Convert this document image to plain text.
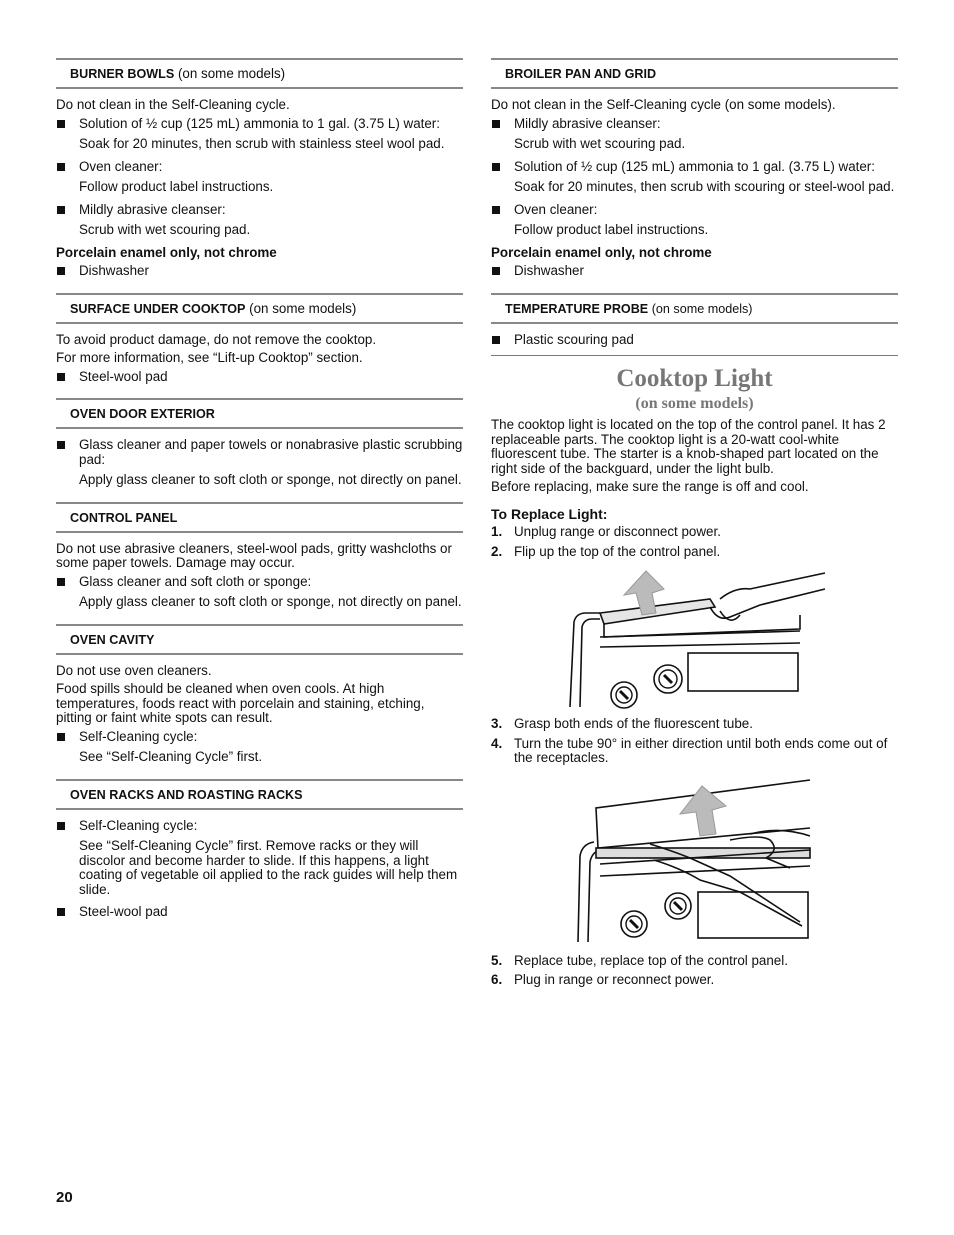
BURNER BOWLS (on some models)

Do not clean in the Self-Cleaning cycle.

Solution of ½ cup (125 mL) ammonia to 1 gal. (3.75 L) water:
Soak for 20 minutes, then scrub with stainless steel wool pad.
Oven cleaner:
Follow product label instructions.
Mildly abrasive cleanser:
Scrub with wet scouring pad.

Porcelain enamel only, not chrome

Dishwasher
SURFACE UNDER COOKTOP (on some models)

To avoid product damage, do not remove the cooktop.

For more information, see “Lift-up Cooktop” section.

Steel-wool pad
OVEN DOOR EXTERIOR
Glass cleaner and paper towels or nonabrasive plastic scrubbing pad:
Apply glass cleaner to soft cloth or sponge, not directly on panel.
CONTROL PANEL

Do not use abrasive cleaners, steel-wool pads, gritty washcloths or some paper towels. Damage may occur.

Glass cleaner and soft cloth or sponge:
Apply glass cleaner to soft cloth or sponge, not directly on panel.
OVEN CAVITY

Do not use oven cleaners.

Food spills should be cleaned when oven cools. At high temperatures, foods react with porcelain and staining, etching, pitting or faint white spots can result.

Self-Cleaning cycle:
See “Self-Cleaning Cycle” first.
OVEN RACKS AND ROASTING RACKS
Self-Cleaning cycle:
See “Self-Cleaning Cycle” first. Remove racks or they will discolor and become harder to slide. If this happens, a light coating of vegetable oil applied to the rack guides will help them slide.
Steel-wool pad
BROILER PAN AND GRID

Do not clean in the Self-Cleaning cycle (on some models).

Mildly abrasive cleanser:
Scrub with wet scouring pad.
Solution of ½ cup (125 mL) ammonia to 1 gal. (3.75 L) water:
Soak for 20 minutes, then scrub with scouring or steel-wool pad.
Oven cleaner:
Follow product label instructions.

Porcelain enamel only, not chrome

Dishwasher
TEMPERATURE PROBE (on some models)
Plastic scouring pad
Cooktop Light
(on some models)

The cooktop light is located on the top of the control panel. It has 2 replaceable parts. The cooktop light is a 20-watt cool-white fluorescent tube. The starter is a knob-shaped part located on the right side of the backguard, under the light bulb.

Before replacing, make sure the range is off and cool.

To Replace Light:

1. Unplug range or disconnect power.
2. Flip up the top of the control panel.
3. Grasp both ends of the fluorescent tube.
4. Turn the tube 90° in either direction until both ends come out of the receptacles.
5. Replace tube, replace top of the control panel.
6. Plug in range or reconnect power.
20
